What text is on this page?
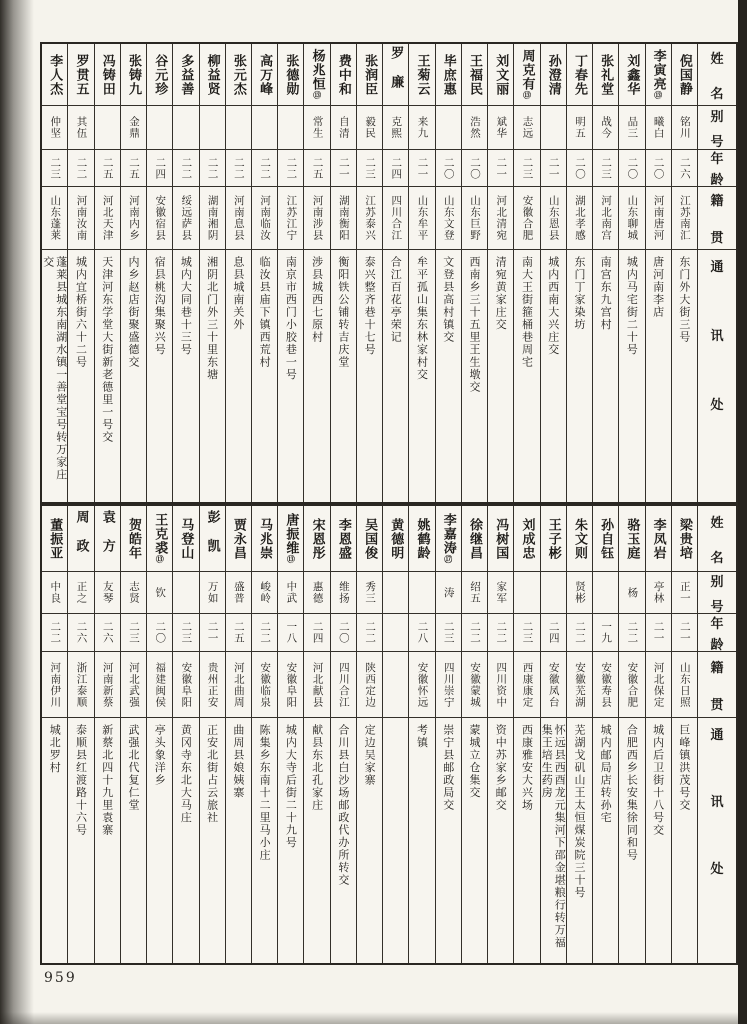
姓
名
别
号
年
龄
籍
贯
通
讯
处
倪国静
铭川
二六
江苏南汇
东门外大街三号
李寅亮⑬
曦白
二〇
河南唐河
唐河南李店
刘鑫华
品三
二〇
山东聊城
城内马宅街二十号
张礼堂
战今
二三
河北南宫
南宫东九宫村
丁春先
明五
二〇
湖北孝感
东门丁家染坊
孙澄清
二一
山东恩县
城内西南大兴庄交
周克有⑬
志远
二三
安徽合肥
南大王街箍桶巷周宅
刘文丽
斌华
二一
河北清宛
清宛黄家庄交
王福民
浩然
二〇
山东巨野
西南乡三十五里王生墩交
毕庶惠
二〇
山东文登
文登县高村镇交
王菊云
来九
二一
山东牟平
牟平孤山集东林家村交
罗廉
克熙
二四
四川合江
合江百花亭荣记
张润臣
毅民
二三
江苏泰兴
泰兴整齐巷十七号
费中和
自清
二一
湖南衡阳
衡阳铁公铺转吉庆堂
杨兆恒⑬
常生
二五
河南涉县
涉县城西七原村
张德勋
二二
江苏江宁
南京市西门小胶巷一号
高万峰
二二
河南临汝
临汝县庙下镇西荒村
张元杰
二二
河南息县
息县城南关外
柳益贤
二二
湖南湘阴
湘阴北门外三十里东塘
多益善
二二
绥远萨县
城内大同巷十三号
谷元珍
二四
安徽宿县
宿县桃沟集聚兴号
张铸九
金鼎
二五
河南内乡
内乡赵店街聚盛德交
冯铸田
二五
河北天津
天津河东学堂大街新老德里一号交
罗贯五
其伍
二二
河南汝南
城内宜桥街六十二号
李人杰
仲坚
二三
山东蓬莱
蓬莱县城东南湖水镇一善堂宝号转万家庄交
姓
名
别
号
年
龄
籍
贯
通
讯
处
梁贵培
正一
二一
山东日照
巨峰镇洪茂号交
李凤岩
亭林
二一
河北保定
城内后卫街十八号交
骆玉庭
杨
二二
安徽合肥
合肥西乡长安集徐同和号
孙自钰
一九
安徽寿县
城内邮局店转孙宅
朱文则
贤彬
二二
安徽芜湖
芜湖戈矶山王太恒煤炭院三十号
王子彬
二四
安徽凤台
怀远县西酉龙元集河下邵金堪粮行转万福集王培生药房
刘成忠
二三
西康康定
西康雅安大兴场
冯树国
家军
二二
四川资中
资中苏家乡邮交
徐继昌
绍五
二二
安徽蒙城
蒙城立仓集交
李嘉涛⑰
涛
二三
四川崇宁
崇宁县邮政局交
姚鹤龄
二八
安徽怀远
考镇
黄德明
吴国俊
秀三
二二
陕西定边
定边吴家寨
李恩盛
维扬
二〇
四川合江
合川县白沙场邮政代办所转交
宋恩彤
惠德
二四
河北献县
献县东北孔家庄
唐振维⑬
中武
一八
安徽阜阳
城内大寺后街二十九号
马兆崇
峻岭
二二
安徽临泉
陈集乡东南十二里马小庄
贾永昌
盛普
二五
河北曲周
曲周县娘姨寨
彭凯
万如
二一
贵州正安
正安北街占云旅社
马登山
二三
安徽阜阳
黄冈寺东北大马庄
王克裘⑬
钦
二〇
福建闽侯
亭头象洋乡
贺皓年
志贤
二三
河北武强
武强北代复仁堂
袁方
友琴
二六
河南新蔡
新蔡北四十九里袁寨
周政
正之
二六
浙江泰顺
泰顺县红渡路十六号
董振亚
中良
二二
河南伊川
城北罗村
959
